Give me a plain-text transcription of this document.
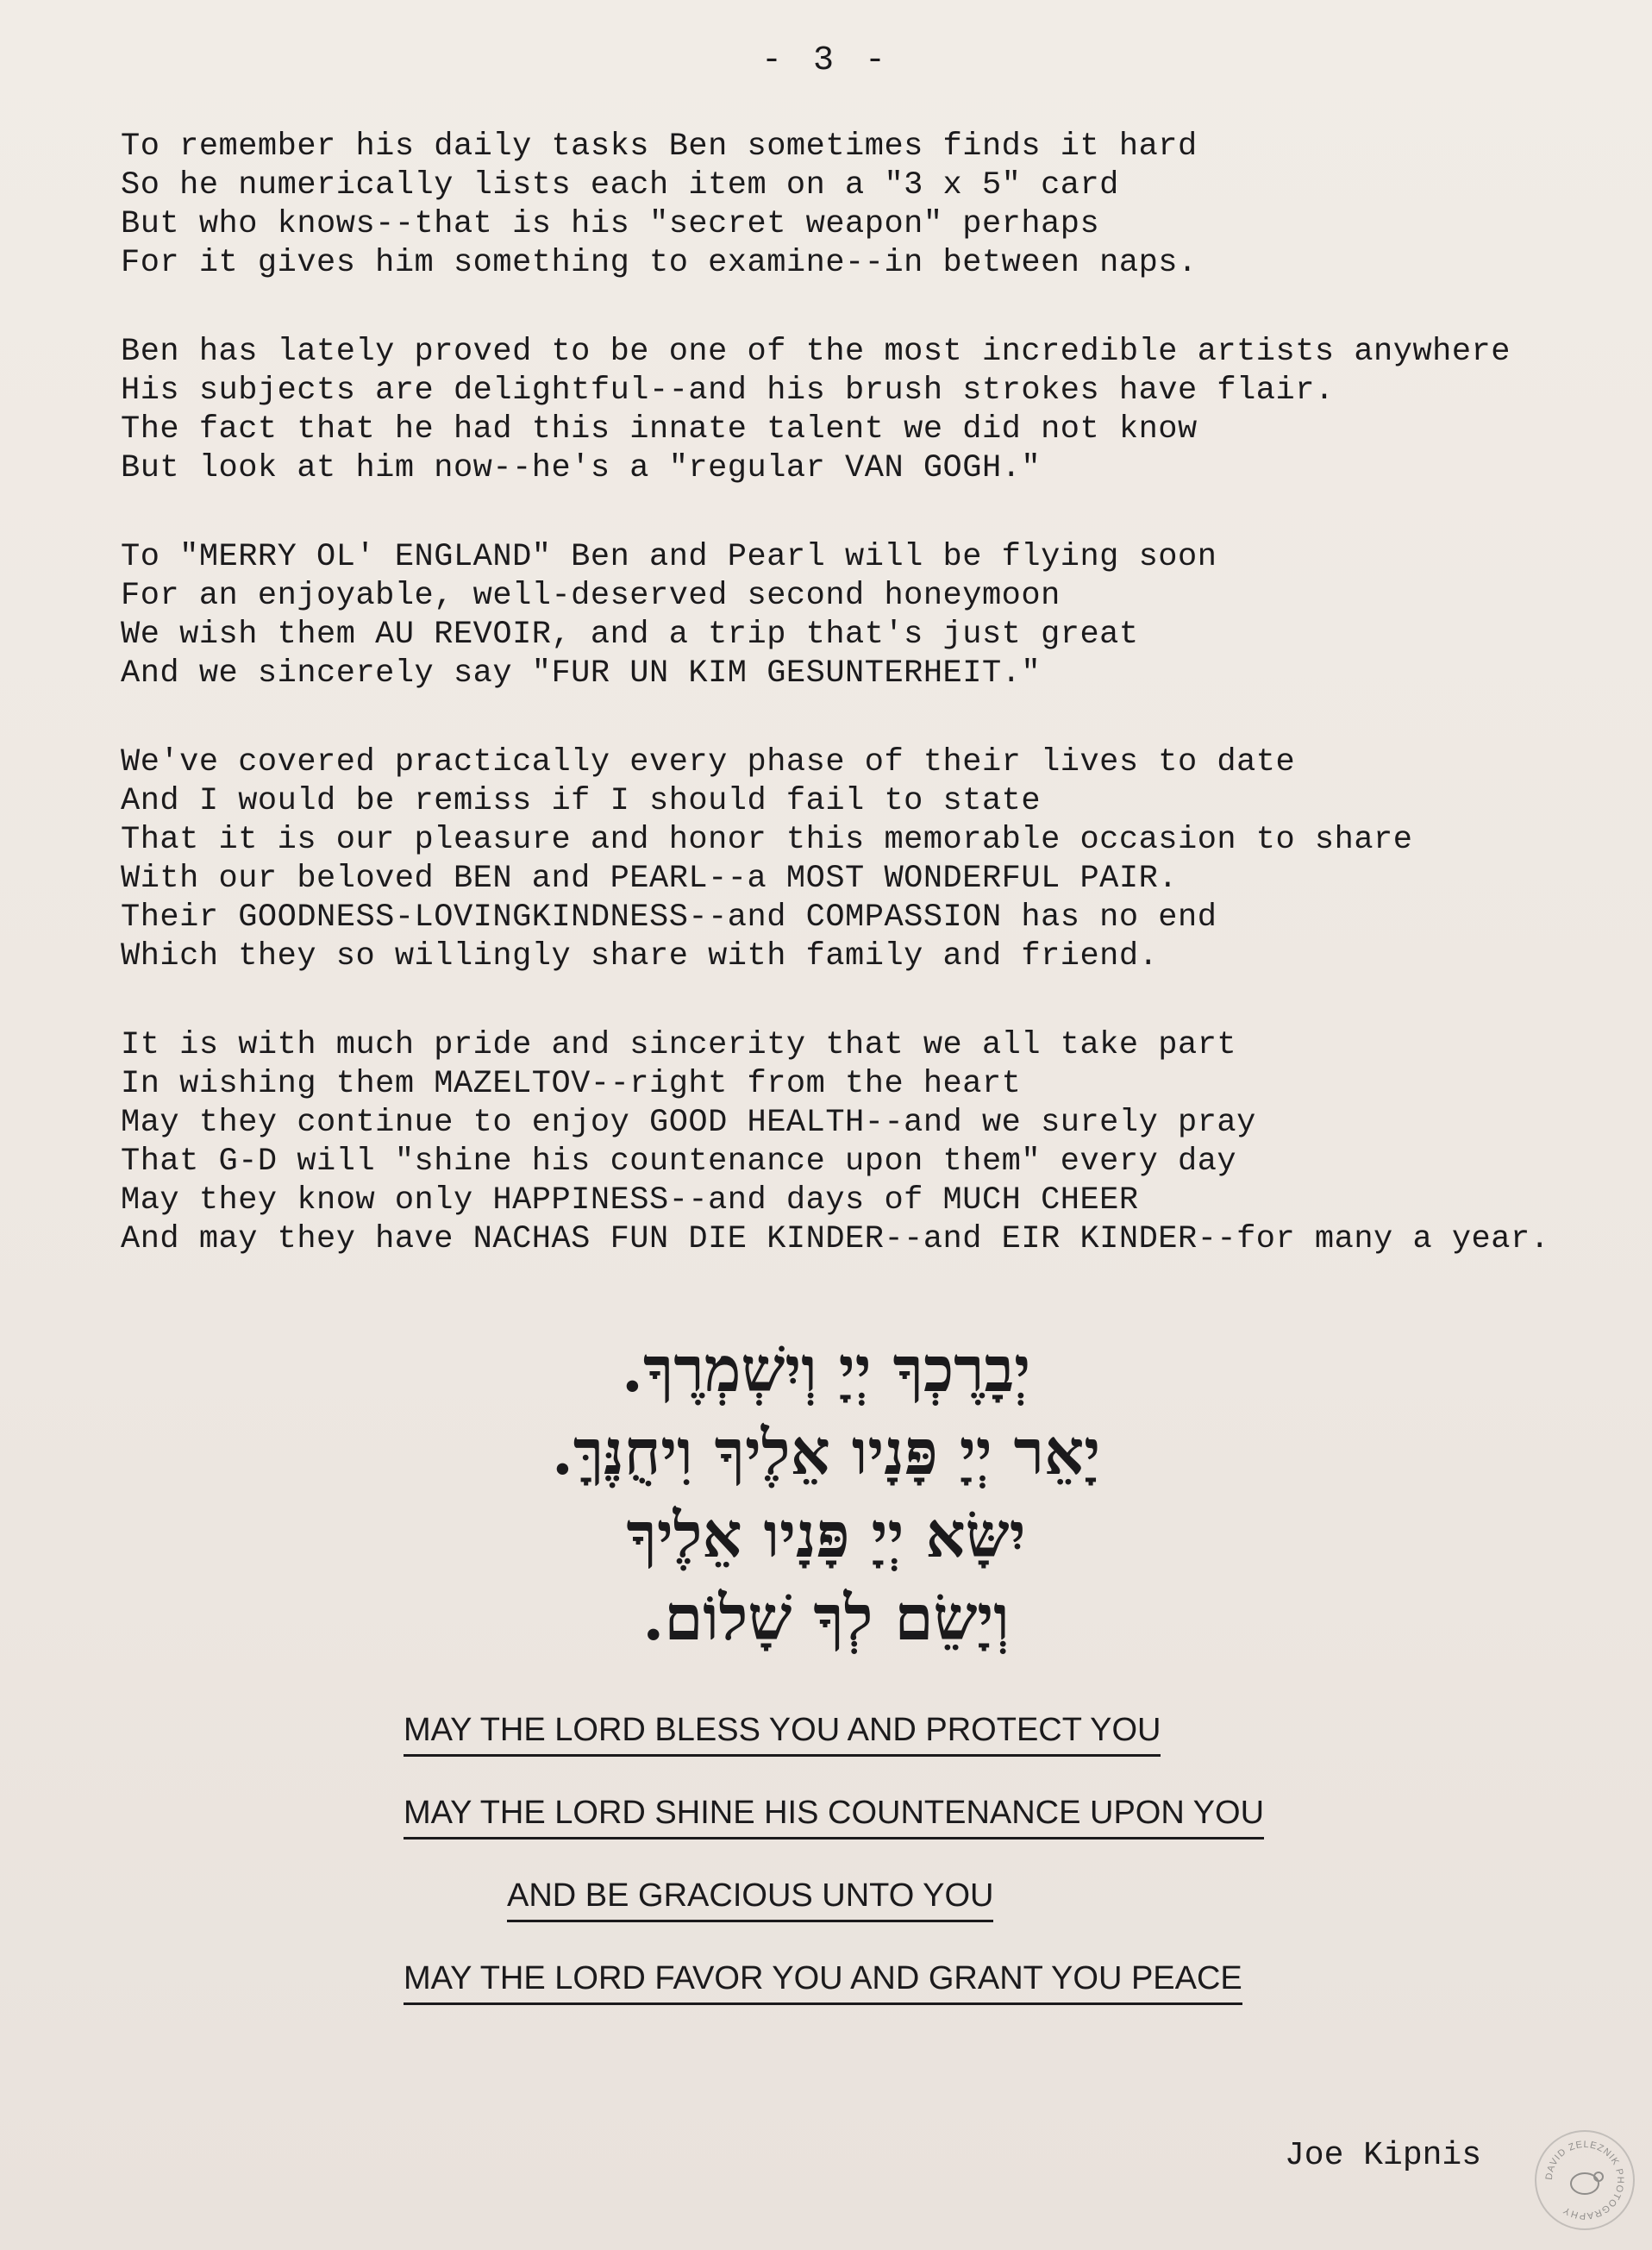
- 3 -
To remember his daily tasks Ben sometimes finds it hard
So he numerically lists each item on a "3 x 5" card
But who knows--that is his "secret weapon" perhaps
For it gives him something to examine--in between naps.
Ben has lately proved to be one of the most incredible artists anywhere
His subjects are delightful--and his brush strokes have flair.
The fact that he had this innate talent we did not know
But look at him now--he's a "regular VAN GOGH."
To "MERRY OL' ENGLAND" Ben and Pearl will be flying soon
For an enjoyable, well-deserved second honeymoon
We wish them AU REVOIR, and a trip that's just great
And we sincerely say "FUR UN KIM GESUNTERHEIT."
We've covered practically every phase of their lives to date
And I would be remiss if I should fail to state
That it is our pleasure and honor this memorable occasion to share
With our beloved BEN and PEARL--a MOST WONDERFUL PAIR.
Their GOODNESS-LOVINGKINDNESS--and COMPASSION has no end
Which they so willingly share with family and friend.
It is with much pride and sincerity that we all take part
In wishing them MAZELTOV--right from the heart
May they continue to enjoy GOOD HEALTH--and we surely pray
That G-D will "shine his countenance upon them" every day
May they know only HAPPINESS--and days of MUCH CHEER
And may they have NACHAS FUN DIE KINDER--and EIR KINDER--for many a year.
יְבָרֶכְךָ יְיָ וְיִשְׁמְרֶךָ.
יָאֵר יְיָ פָּנָיו אֵלֶיךָ וִיחֻנֶּךָּ.
יִשָּׂא יְיָ פָּנָיו אֵלֶיךָ
וְיָשֵׂם לְךָ שָׁלוֹם.
MAY THE LORD BLESS YOU AND PROTECT YOU
MAY THE LORD SHINE HIS COUNTENANCE UPON YOU
AND BE GRACIOUS UNTO YOU
MAY THE LORD FAVOR YOU AND GRANT YOU PEACE
Joe Kipnis
DAVID ZELEZNIK PHOTOGRAPHY
